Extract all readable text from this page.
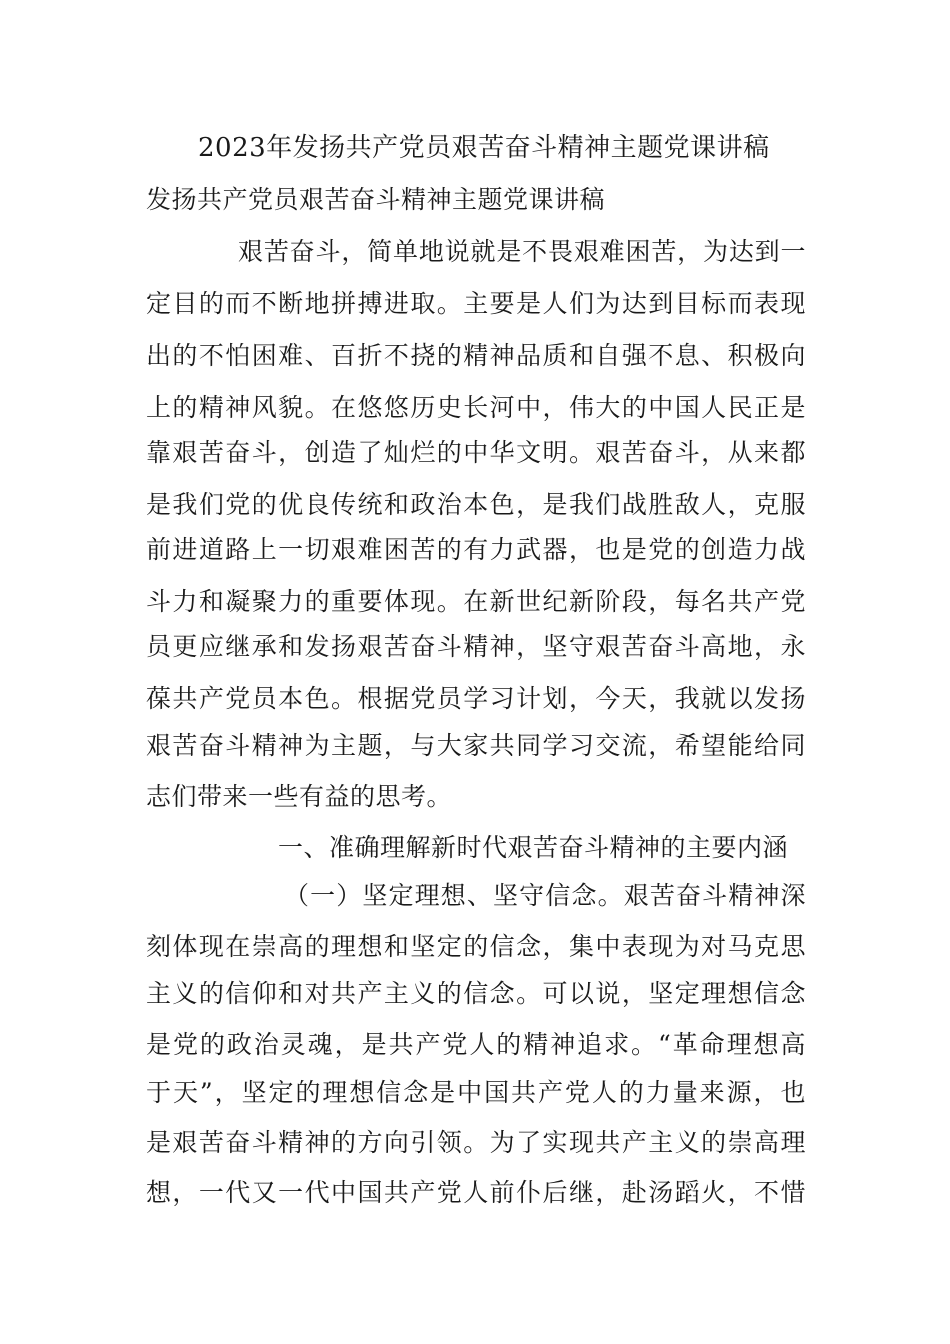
2023年发扬共产党员艰苦奋斗精神主题党课讲稿
发扬共产党员艰苦奋斗精神主题党课讲稿
艰苦奋斗，简单地说就是不畏艰难困苦，为达到一
定目的而不断地拼搏进取。主要是人们为达到目标而表现
出的不怕困难、百折不挠的精神品质和自强不息、积极向
上的精神风貌。在悠悠历史长河中，伟大的中国人民正是
靠艰苦奋斗，创造了灿烂的中华文明。艰苦奋斗，从来都
是我们党的优良传统和政治本色，是我们战胜敌人，克服
前进道路上一切艰难困苦的有力武器，也是党的创造力战
斗力和凝聚力的重要体现。在新世纪新阶段，每名共产党
员更应继承和发扬艰苦奋斗精神，坚守艰苦奋斗高地，永
葆共产党员本色。根据党员学习计划，今天，我就以发扬
艰苦奋斗精神为主题，与大家共同学习交流，希望能给同
志们带来一些有益的思考。
一、准确理解新时代艰苦奋斗精神的主要内涵
（一）坚定理想、坚守信念。艰苦奋斗精神深
刻体现在崇高的理想和坚定的信念，集中表现为对马克思
主义的信仰和对共产主义的信念。可以说，坚定理想信念
是党的政治灵魂，是共产党人的精神追求。“革命理想高
于天”，坚定的理想信念是中国共产党人的力量来源，也
是艰苦奋斗精神的方向引领。为了实现共产主义的崇高理
想，一代又一代中国共产党人前仆后继，赴汤蹈火，不惜
